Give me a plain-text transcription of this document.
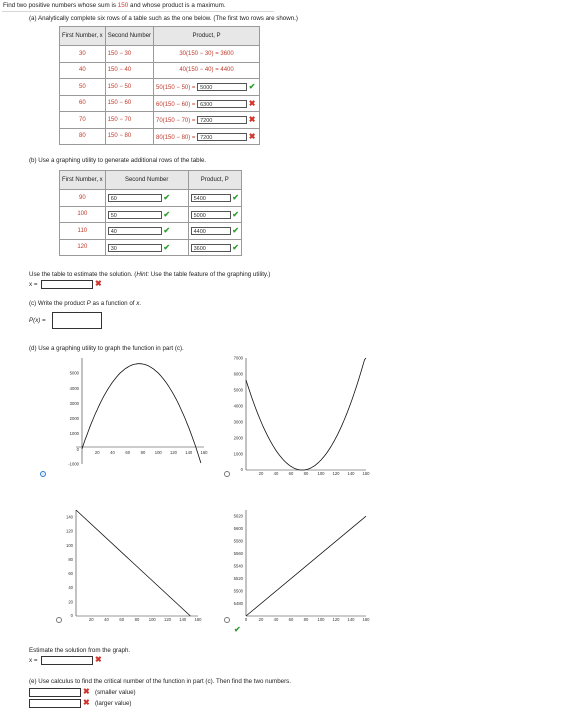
Find two positive numbers whose sum is 150 and whose product is a maximum.
(a) Analytically complete six rows of a table such as the one below. (The first two rows are shown.)
First Number, x	Second Number	Product, P
30	150 − 30	30(150 − 30) = 3600
40	150 − 40	40(150 − 40) = 4400
50	150 − 50	50(150 − 50) = 5000 ✔
60	150 − 60	60(150 − 60) = 6300 ✖
70	150 − 70	70(150 − 70) = 7200 ✖
80	150 − 80	80(150 − 80) = 7200 ✖
(b) Use a graphing utility to generate additional rows of the table.
First Number, x	Second Number	Product, P
90	60 ✔	5400 ✔
100	50 ✔	5000 ✔
110	40 ✔	4400 ✔
120	30 ✔	3600 ✔
Use the table to estimate the solution. (Hint: Use the table feature of the graphing utility.)
x =	✖
(c) Write the product P as a function of x.
P(x) =
(d) Use a graphing utility to graph the function in part (c).
5000
4000
3000
2000
1000
-1000
20	40	60	80 100 120 140 160
0
7000
6000
5000
4000
3000
2000
1000
20 40 60 80 100 120 140 160
0
140
120
100
80
60
40
20
20	40	60	80 100 120 140 160
0
5620
5600
5580
5560
5540
5520
5500
5480
0	20 40 60 80 100 120 140 160
✔
Estimate the solution from the graph.
x =	✖
(e) Use calculus to find the critical number of the function in part (c). Then find the two numbers.
✖ (smaller value)
✖ (larger value)
